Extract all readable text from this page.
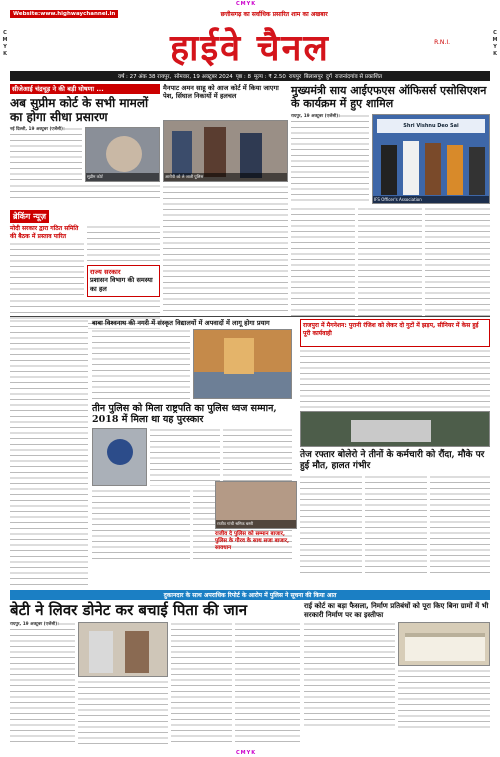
CMYK
CMYK
C
M
Y
K
C
M
Y
K
Website:www.highwaychannel.in	छत्तीसगढ़ का सर्वाधिक प्रसारित शाम का अखबार
हाईवे चैनल	R.N.I.
वर्ष : 27 अंक 38 रायपुर, सोमवार, 19 अक्टूबर 2024 पृष्ठ : 8 मूल्य : ₹ 2.50 रायपुर बिलासपुर दुर्ग राजनांदगांव से प्रकाशित
सीजेआई चंद्रचूड़ ने की बड़ी घोषणा ...
अब सुप्रीम कोर्ट के सभी मामलों का होगा सीधा प्रसारण
नई दिल्ली, 19 अक्टूबर (एजेंसी)।
सुप्रीम कोर्ट
ब्रेकिंग न्यूज़
मोदी सरकार द्वारा गठित समिति की बैठक में प्रस्ताव पारित
राज्य सरकार
प्रशासन विभाग की समस्या का हल
मैनपाट अमन साहू को आज कोर्ट में किया जाएगा पेश, सिंघाल निकायों में हलचल
आरोपी को ले जाती पुलिस
मुख्यमंत्री साय आईएफएस ऑफिसर्स एसोसिएशन के कार्यक्रम में हुए शामिल
रायपुर, 19 अक्टूबर (एजेंसी)।
Shri Vishnu Deo Sai
IFS Officer's Association
बाबा विश्वनाथ की नगरी में संस्कृत विद्यालयों में अपवादों में लागू होगा प्रयाग
तीन पुलिस को मिला राष्ट्रपति का पुलिस ध्वज सम्मान, 2018 में मिला था यह पुरस्कार
राजपुरा में मैगनेशन: पुरानी रंजिश को लेकर दो गुटों में झड़प, सीनियर में केस हुई पूरी कार्यवाही
तेज रफ्तार बोलेरो ने तीनों के कर्मचारी को रौंदा, मौके पर हुई मौत, हालत गंभीर
राजीव गांधी श्रमिक बस्ती
राजीव दे पुलिस को सम्मान बाजार, पुलिस के गौरव के साथ सजा बाजार, सावधान
दुकानदार के साथ अपराधिक रिपोर्ट के आरोप में पुलिस ने सूचना की किया आत
बेटी ने लिवर डोनेट कर बचाई पिता की जान
रायपुर, 19 अक्टूबर (एजेंसी)।
राई कोर्ट का बड़ा फैसला, निर्माण प्रतिबंधों को पूरा किए बिना ग्रामों में भी सरकारी निर्माण पर का इस्तीफा
